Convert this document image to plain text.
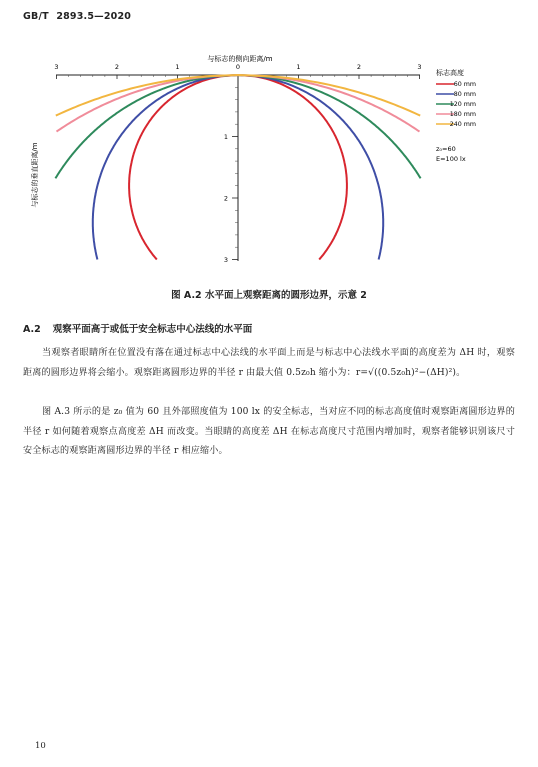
GB/T 2893.5—2020
与标志的侧向距离/m
3	2	1	0	1	2	3
1
2
3
与标志的垂直距离/m
标志高度
60 mm
80 mm
120 mm
180 mm
240 mm
z₀=60
E=100 lx
图 A.2 水平面上观察距离的圆形边界，示意 2
A.2 观察平面高于或低于安全标志中心法线的水平面
当观察者眼睛所在位置没有落在通过标志中心法线的水平面上而是与标志中心法线水平面的高度差为 ΔH 时，观察距离的圆形边界将会缩小。观察距离圆形边界的半径 r 由最大值 0.5z₀h 缩小为：r=√((0.5z₀h)²−(ΔH)²)。
图 A.3 所示的是 z₀ 值为 60 且外部照度值为 100 lx 的安全标志，当对应不同的标志高度值时观察距离圆形边界的半径 r 如何随着观察点高度差 ΔH 而改变。当眼睛的高度差 ΔH 在标志高度尺寸范围内增加时，观察者能够识别该尺寸安全标志的观察距离圆形边界的半径 r 相应缩小。
10
